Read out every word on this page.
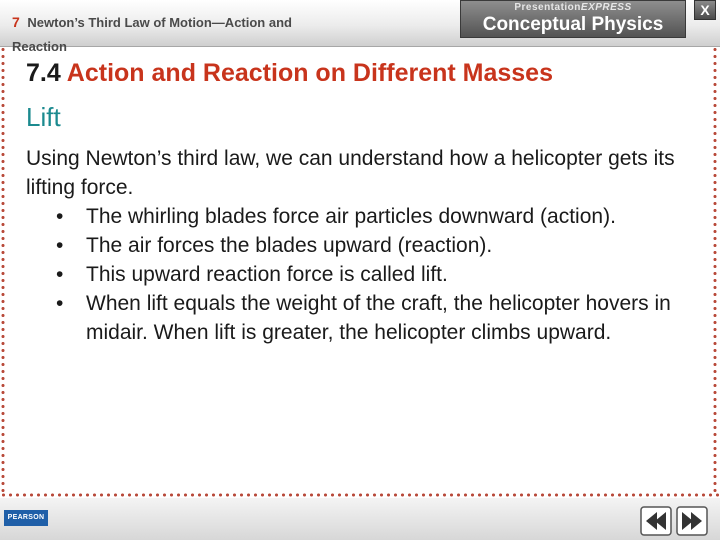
7 Newton’s Third Law of Motion—Action and Reaction
PresentationEXPRESS
Conceptual Physics
X
7.4 Action and Reaction on Different Masses
Lift

Using Newton’s third law, we can understand how a helicopter gets its lifting force.

• The whirling blades force air particles downward (action).
• The air forces the blades upward (reaction).
• This upward reaction force is called lift.
• When lift equals the weight of the craft, the helicopter hovers in midair. When lift is greater, the helicopter climbs upward.
PEARSON
